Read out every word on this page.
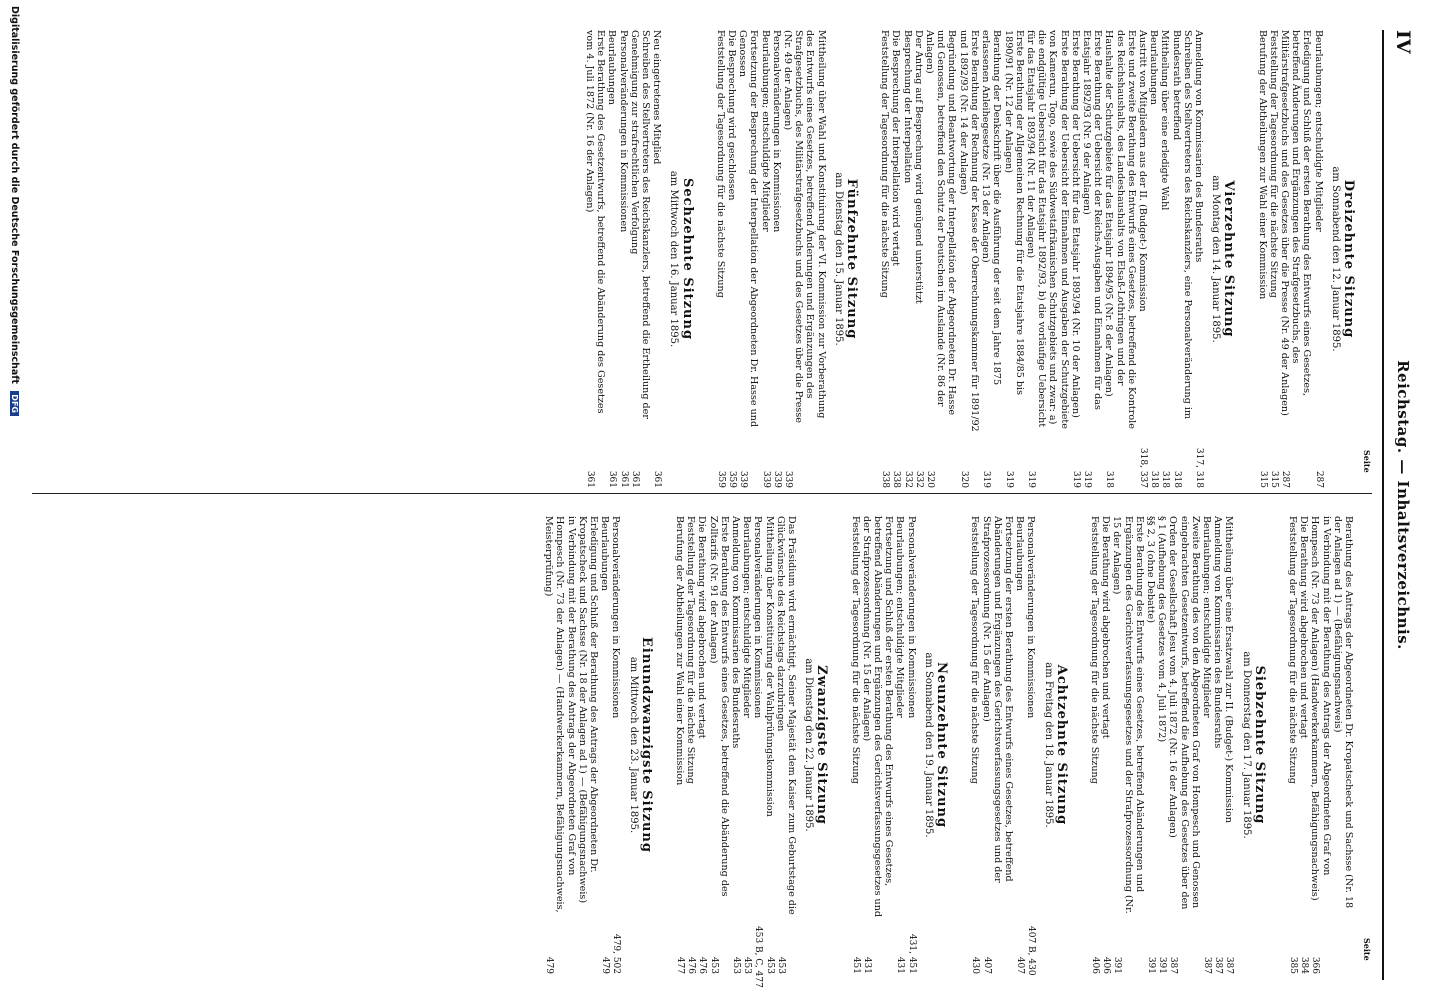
IV
Reichstag. — Inhaltsverzeichnis.
Seite
Seite
Dreizehnte Sitzung
am Sonnabend den 12. Januar 1895.
Beurlaubungen; entschuldigte Mitglieder
287
Erledigung und Schluß der ersten Berathung des Entwurfs eines Gesetzes, betreffend Änderungen und Ergänzungen des Strafgesetzbuchs, des Militärstrafgesetzbuchs und des Gesetzes über die Presse (Nr. 49 der Anlagen)
287
Feststellung der Tagesordnung für die nächste Sitzung
315
Berufung der Abtheilungen zur Wahl einer Kommission
315
Vierzehnte Sitzung
am Montag den 14. Januar 1895.
Anmeldung von Kommissarien des Bundesraths
317, 318
Schreiben des Stellvertreters des Reichskanzlers, eine Personalveränderung im Bundesrath betreffend
318
Mittheilung über eine erledigte Wahl
318
Beurlaubungen
318
Austritt von Mitgliedern aus der II. (Budget-) Kommission
318, 337
Erste und zweite Berathung des Entwurfs eines Gesetzes, betreffend die Kontrole des Reichshaushalts, des Landeshaushalts von Elsaß-Lothringen und der Haushalte der Schutzgebiete für das Etatsjahr 1894/95 (Nr. 8 der Anlagen)
318
Erste Berathung der Uebersicht der Reichs-Ausgaben und Einnahmen für das Etatsjahr 1892/93 (Nr. 9 der Anlagen)
319
Erste Berathung der Uebersicht für das Etatsjahr 1893/94 (Nr. 10 der Anlagen)
319
Erste Berathung der Uebersicht der Einnahmen und Ausgaben der Schutzgebiete von Kamerun, Togo, sowie des Südwestafrikanischen Schutzgebiets und zwar: a) die endgültige Uebersicht für das Etatsjahr 1892/93, b) die vorläufige Uebersicht für das Etatsjahr 1893/94 (Nr. 11 der Anlagen)
319
Erste Berathung der Allgemeinen Rechnung für die Etatsjahre 1884/85 bis 1890/91 (Nr. 12 der Anlagen)
319
Berathung der Denkschrift über die Ausführung der seit dem Jahre 1875 erlassenen Anleihegesetze (Nr. 13 der Anlagen)
319
Erste Berathung der Rechnung der Kasse der Oberrechnungskammer für 1891/92 und 1892/93 (Nr. 14 der Anlagen)
320
Begründung und Beantwortung der Interpellation der Abgeordneten Dr. Hasse und Genossen, betreffend den Schutz der Deutschen im Auslande (Nr. 86 der Anlagen)
320
Der Antrag auf Besprechung wird genügend unterstützt
332
Besprechung der Interpellation
332
Die Besprechung der Interpellation wird vertagt
338
Feststellung der Tagesordnung für die nächste Sitzung
338
Fünfzehnte Sitzung
am Dienstag den 15. Januar 1895.
Mittheilung über Wahl und Konstituirung der VI. Kommission zur Vorberathung des Entwurfs eines Gesetzes, betreffend Änderungen und Ergänzungen des Strafgesetzbuchs, des Militärstrafgesetzbuchs und des Gesetzes über die Presse (Nr. 49 der Anlagen)
339
Personalveränderungen in Kommissionen
339
Beurlaubungen; entschuldigte Mitglieder
339
Fortsetzung der Besprechung der Interpellation der Abgeordneten Dr. Hasse und Genossen
339
Die Besprechung wird geschlossen
359
Feststellung der Tagesordnung für die nächste Sitzung
359
Sechzehnte Sitzung
am Mittwoch den 16. Januar 1895.
Neu eingetretenes Mitglied
361
Schreiben des Stellvertreters des Reichskanzlers, betreffend die Ertheilung der Genehmigung zur strafrechtlichen Verfolgung
361
Personalveränderungen in Kommissionen
361
Beurlaubungen
361
Erste Berathung des Gesetzentwurfs, betreffend die Abänderung des Gesetzes vom 4. Juli 1872 (Nr. 16 der Anlagen)
361
Berathung des Antrags der Abgeordneten Dr. Kropatscheck und Sachsse (Nr. 18 der Anlagen ad 1) — (Befähigungsnachweis)
in Verbindung mit der Berathung des Antrags der Abgeordneten Graf von Hompesch (Nr. 73 der Anlagen) (Handwerkerkammern, Befähigungsnachweis)
366
Die Berathung wird abgebrochen und vertagt
384
Feststellung der Tagesordnung für die nächste Sitzung
385
Siebzehnte Sitzung
am Donnerstag den 17. Januar 1895.
Mittheilung über eine Ersatzwahl zur II. (Budget-) Kommission
387
Anmeldung von Kommissarien des Bundesraths
387
Beurlaubungen; entschuldigte Mitglieder
387
Zweite Berathung des von den Abgeordneten Graf von Hompesch und Genossen eingebrachten Gesetzentwurfs, betreffend die Aufhebung des Gesetzes über den Orden der Gesellschaft Jesu vom 4. Juli 1872 (Nr. 16 der Anlagen)
387
§ 1 (Aufhebung des Gesetzes vom 4. Juli 1872)
391
§§ 2, 3 (ohne Debatte)
391
Erste Berathung des Entwurfs eines Gesetzes, betreffend Abänderungen und Ergänzungen des Gerichtsverfassungsgesetzes und der Strafprozessordnung (Nr. 15 der Anlagen)
391
Die Berathung wird abgebrochen und vertagt
406
Feststellung der Tagesordnung für die nächste Sitzung
406
Achtzehnte Sitzung
am Freitag den 18. Januar 1895.
Personalveränderungen in Kommissionen
407 B, 430
Beurlaubungen
407
Fortsetzung der ersten Berathung des Entwurfs eines Gesetzes, betreffend Abänderungen und Ergänzungen des Gerichtsverfassungsgesetzes und der Strafprozessordnung (Nr. 15 der Anlagen)
407
Feststellung der Tagesordnung für die nächste Sitzung
430
Neunzehnte Sitzung
am Sonnabend den 19. Januar 1895.
Personalveränderungen in Kommissionen
431, 451
Beurlaubungen; entschuldigte Mitglieder
431
Fortsetzung und Schluß der ersten Berathung des Entwurfs eines Gesetzes, betreffend Abänderungen und Ergänzungen des Gerichtsverfassungsgesetzes und der Strafprozessordnung (Nr. 15 der Anlagen)
431
Feststellung der Tagesordnung für die nächste Sitzung
451
Zwanzigste Sitzung
am Dienstag den 22. Januar 1895.
Das Präsidium wird ermächtigt, Seiner Majestät dem Kaiser zum Geburtstage die Glückwünsche des Reichstags darzubringen
453
Mittheilung über Konstituirung der Wahlprüfungskommission
453
Personalveränderungen in Kommissionen
453 B, C, 477
Beurlaubungen; entschuldigte Mitglieder
453
Anmeldung von Kommissarien des Bundesraths
453
Erste Berathung des Entwurfs eines Gesetzes, betreffend die Abänderung des Zolltarifs (Nr. 91 der Anlagen)
453
Die Berathung wird abgebrochen und vertagt
476
Feststellung der Tagesordnung für die nächste Sitzung
476
Berufung der Abtheilungen zur Wahl einer Kommission
477
Einundzwanzigste Sitzung
am Mittwoch den 23. Januar 1895.
Personalveränderungen in Kommissionen
479, 502
Beurlaubungen
479
Erledigung und Schluß der Berathung des Antrags der Abgeordneten Dr. Kropatscheck und Sachsse (Nr. 18 der Anlagen ad 1) — (Befähigungsnachweis)
in Verbindung mit der Berathung des Antrags der Abgeordneten Graf von Hompesch (Nr. 73 der Anlagen) — (Handwerkerkammern, Befähigungsnachweis, Meisterprüfung)
479
Digitalisierung gefördert durch die Deutsche Forschungsgemeinschaft DFG
